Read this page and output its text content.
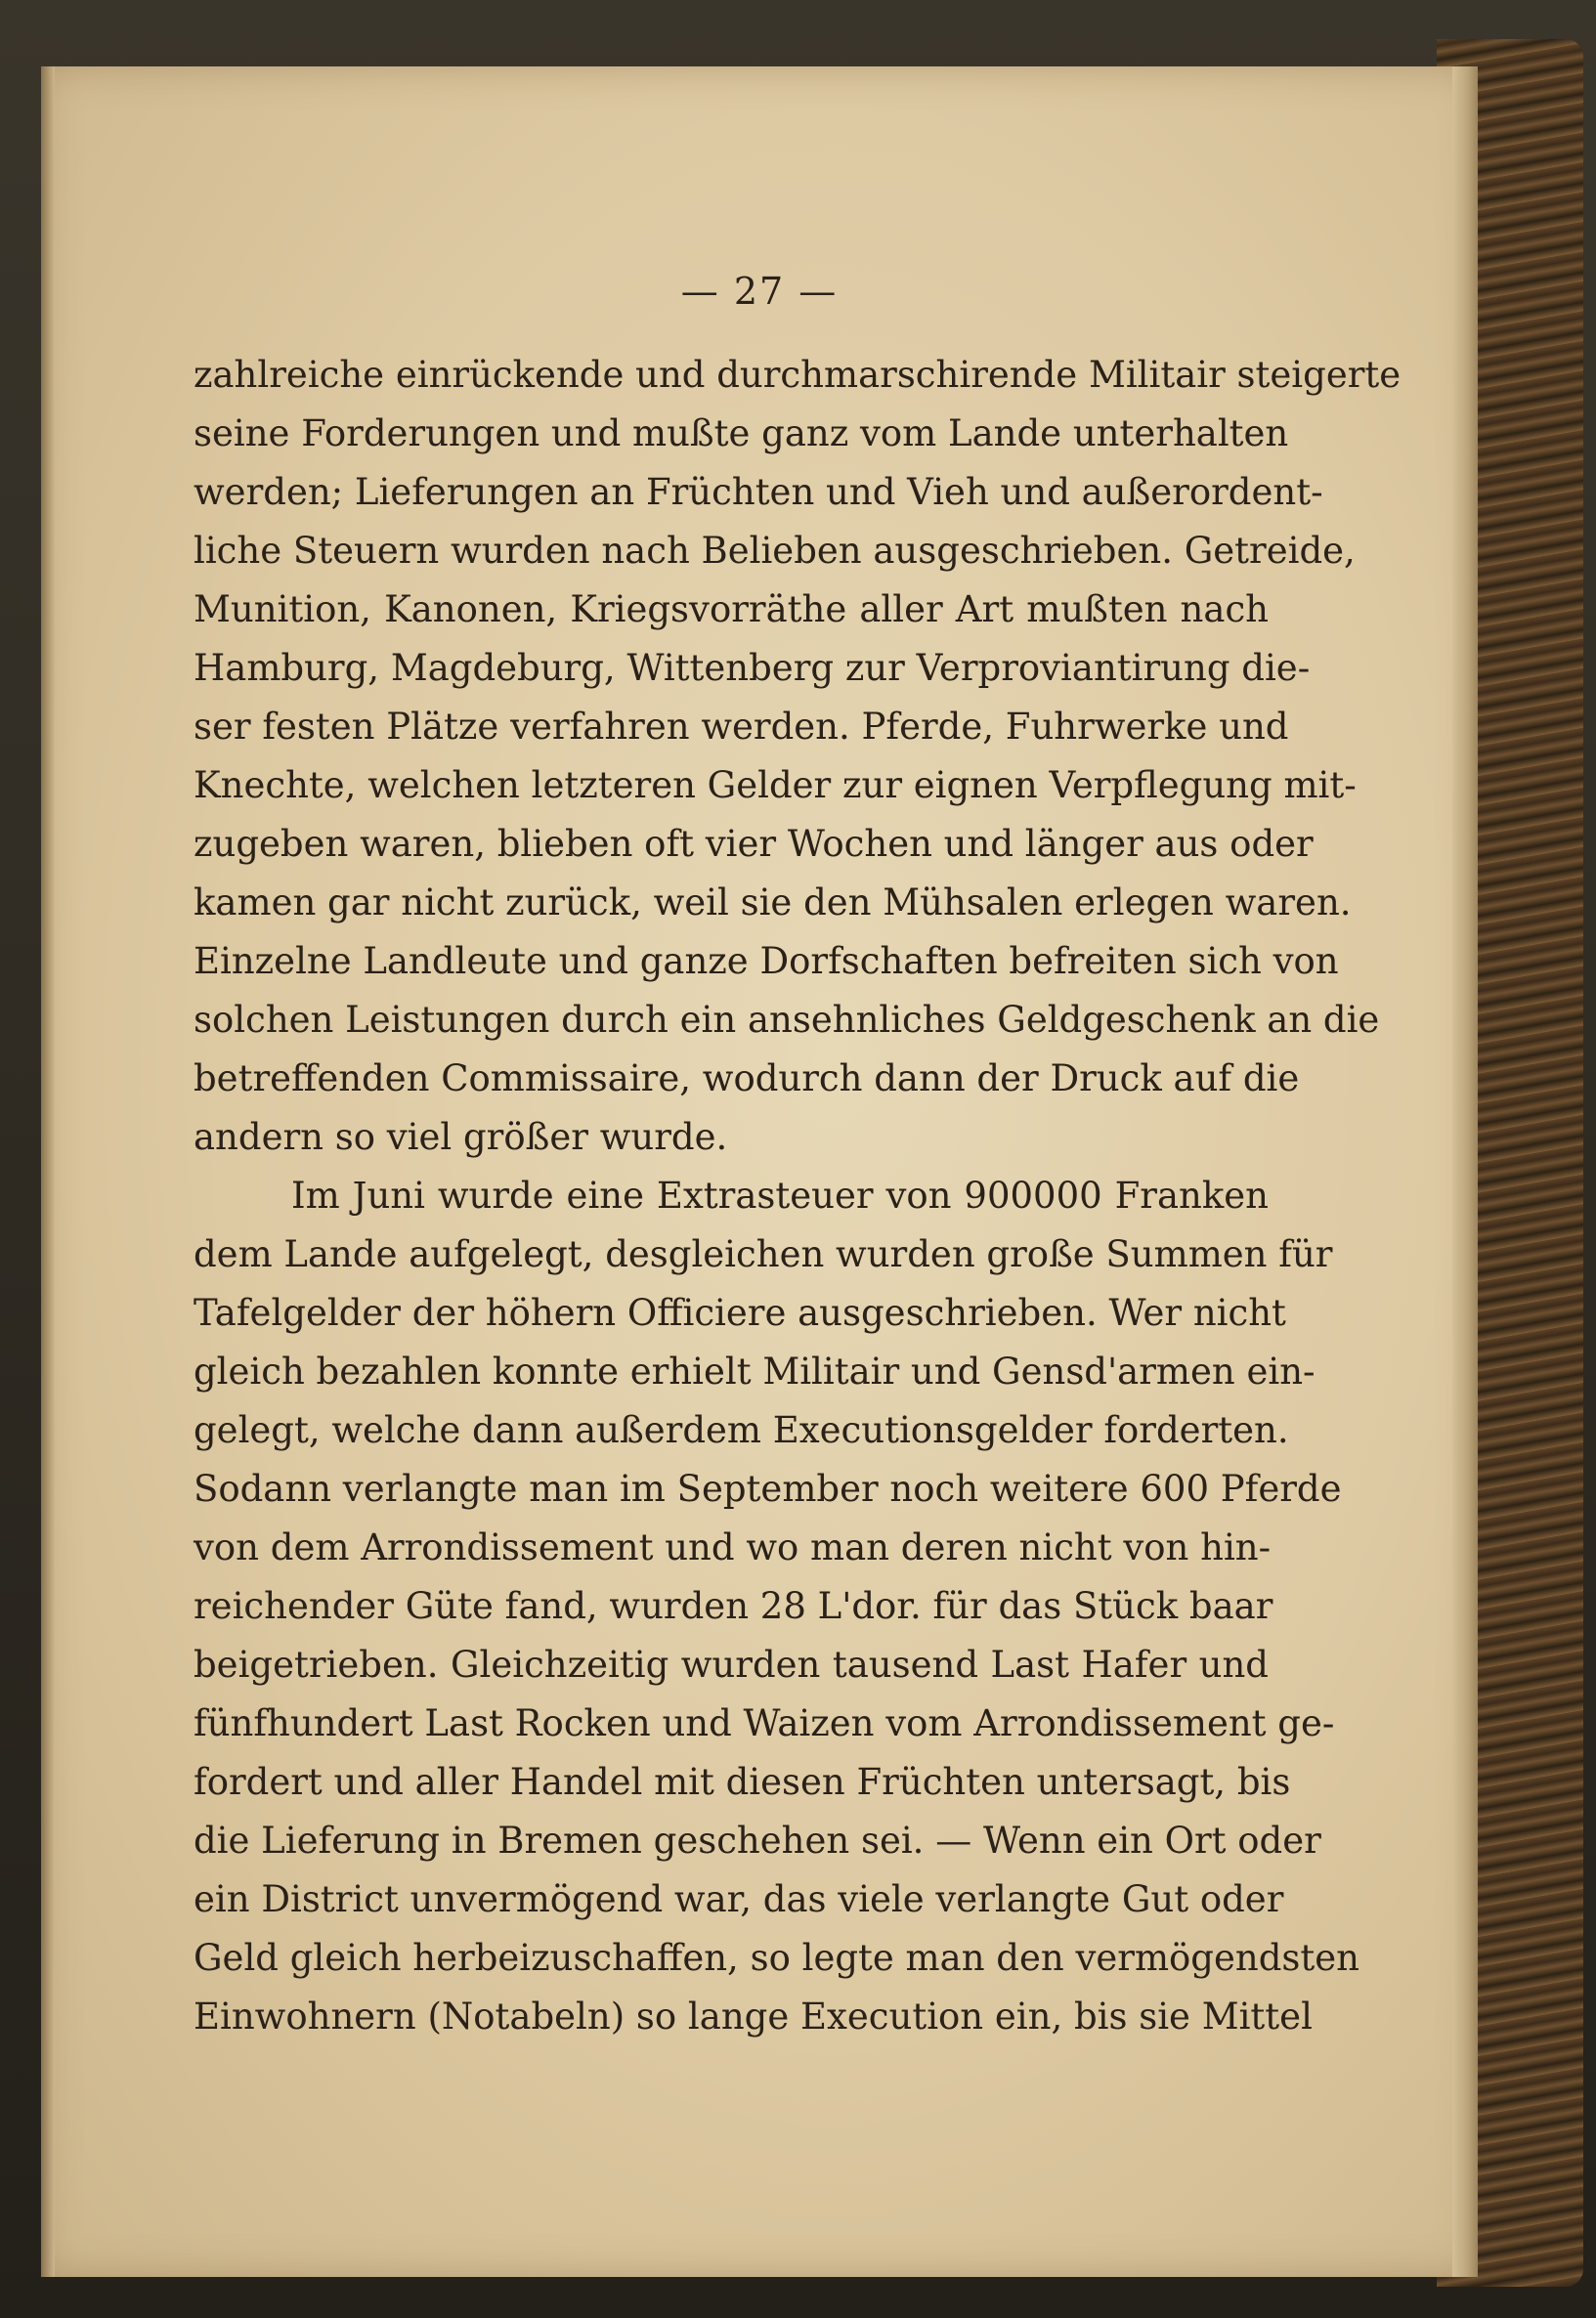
— 27 —
zahlreiche einrückende und durchmarschirende Militair steigerte
seine Forderungen und mußte ganz vom Lande unterhalten
werden; Lieferungen an Früchten und Vieh und außerordent-
liche Steuern wurden nach Belieben ausgeschrieben. Getreide,
Munition, Kanonen, Kriegsvorräthe aller Art mußten nach
Hamburg, Magdeburg, Wittenberg zur Verproviantirung die-
ser festen Plätze verfahren werden. Pferde, Fuhrwerke und
Knechte, welchen letzteren Gelder zur eignen Verpflegung mit-
zugeben waren, blieben oft vier Wochen und länger aus oder
kamen gar nicht zurück, weil sie den Mühsalen erlegen waren.
Einzelne Landleute und ganze Dorfschaften befreiten sich von
solchen Leistungen durch ein ansehnliches Geldgeschenk an die
betreffenden Commissaire, wodurch dann der Druck auf die
andern so viel größer wurde.
Im Juni wurde eine Extrasteuer von 900000 Franken
dem Lande aufgelegt, desgleichen wurden große Summen für
Tafelgelder der höhern Officiere ausgeschrieben. Wer nicht
gleich bezahlen konnte erhielt Militair und Gensd'armen ein-
gelegt, welche dann außerdem Executionsgelder forderten.
Sodann verlangte man im September noch weitere 600 Pferde
von dem Arrondissement und wo man deren nicht von hin-
reichender Güte fand, wurden 28 L'dor. für das Stück baar
beigetrieben. Gleichzeitig wurden tausend Last Hafer und
fünfhundert Last Rocken und Waizen vom Arrondissement ge-
fordert und aller Handel mit diesen Früchten untersagt, bis
die Lieferung in Bremen geschehen sei. — Wenn ein Ort oder
ein District unvermögend war, das viele verlangte Gut oder
Geld gleich herbeizuschaffen, so legte man den vermögendsten
Einwohnern (Notabeln) so lange Execution ein, bis sie Mittel
